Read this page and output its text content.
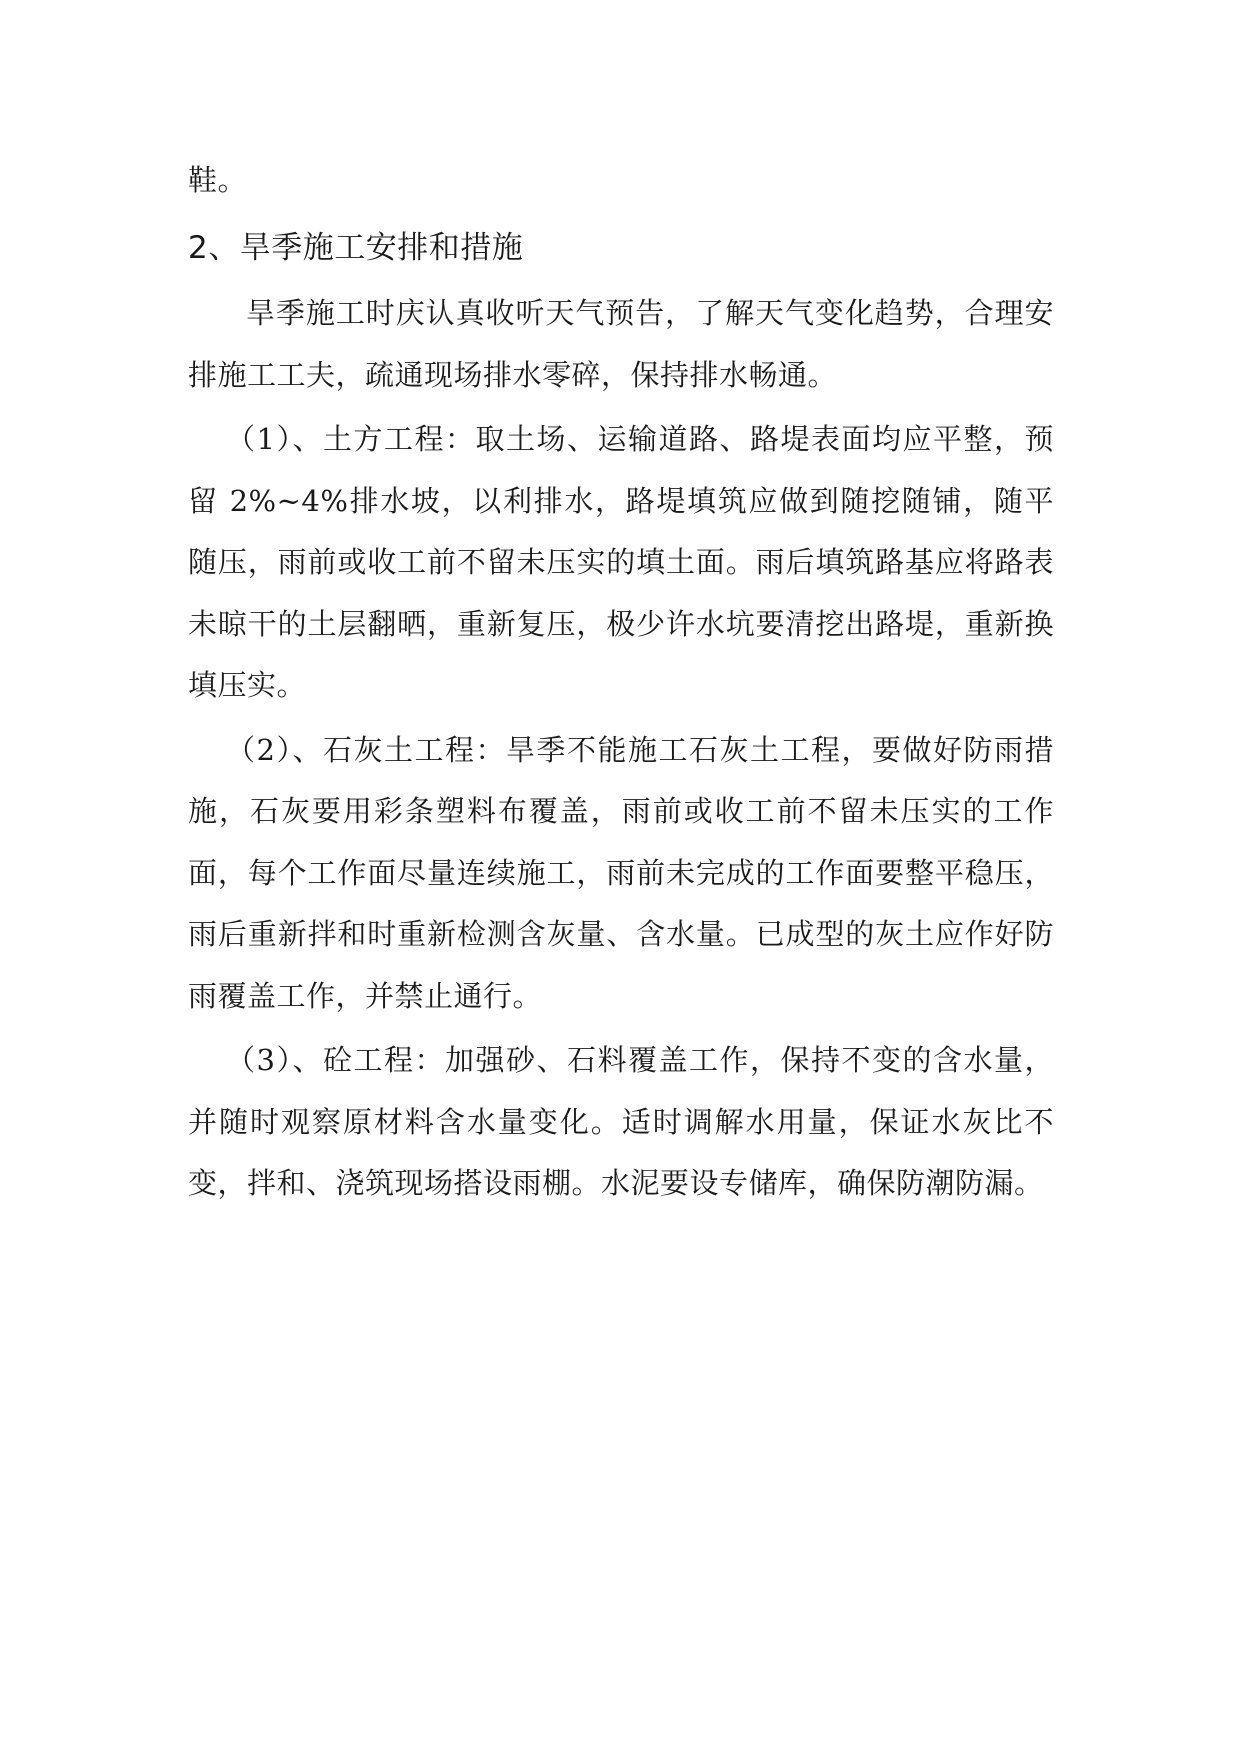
鞋。

2、旱季施工安排和措施

旱季施工时庆认真收听天气预告，了解天气变化趋势，合理安排施工工夫，疏通现场排水零碎，保持排水畅通。

（1）、土方工程：取土场、运输道路、路堤表面均应平整，预留 2%~4%排水坡，以利排水，路堤填筑应做到随挖随铺，随平随压，雨前或收工前不留未压实的填土面。雨后填筑路基应将路表未晾干的土层翻晒，重新复压，极少许水坑要清挖出路堤，重新换填压实。

（2）、石灰土工程：旱季不能施工石灰土工程，要做好防雨措施，石灰要用彩条塑料布覆盖，雨前或收工前不留未压实的工作面，每个工作面尽量连续施工，雨前未完成的工作面要整平稳压，雨后重新拌和时重新检测含灰量、含水量。已成型的灰土应作好防雨覆盖工作，并禁止通行。

（3）、砼工程：加强砂、石料覆盖工作，保持不变的含水量，并随时观察原材料含水量变化。适时调解水用量，保证水灰比不变，拌和、浇筑现场搭设雨棚。水泥要设专储库，确保防潮防漏。
